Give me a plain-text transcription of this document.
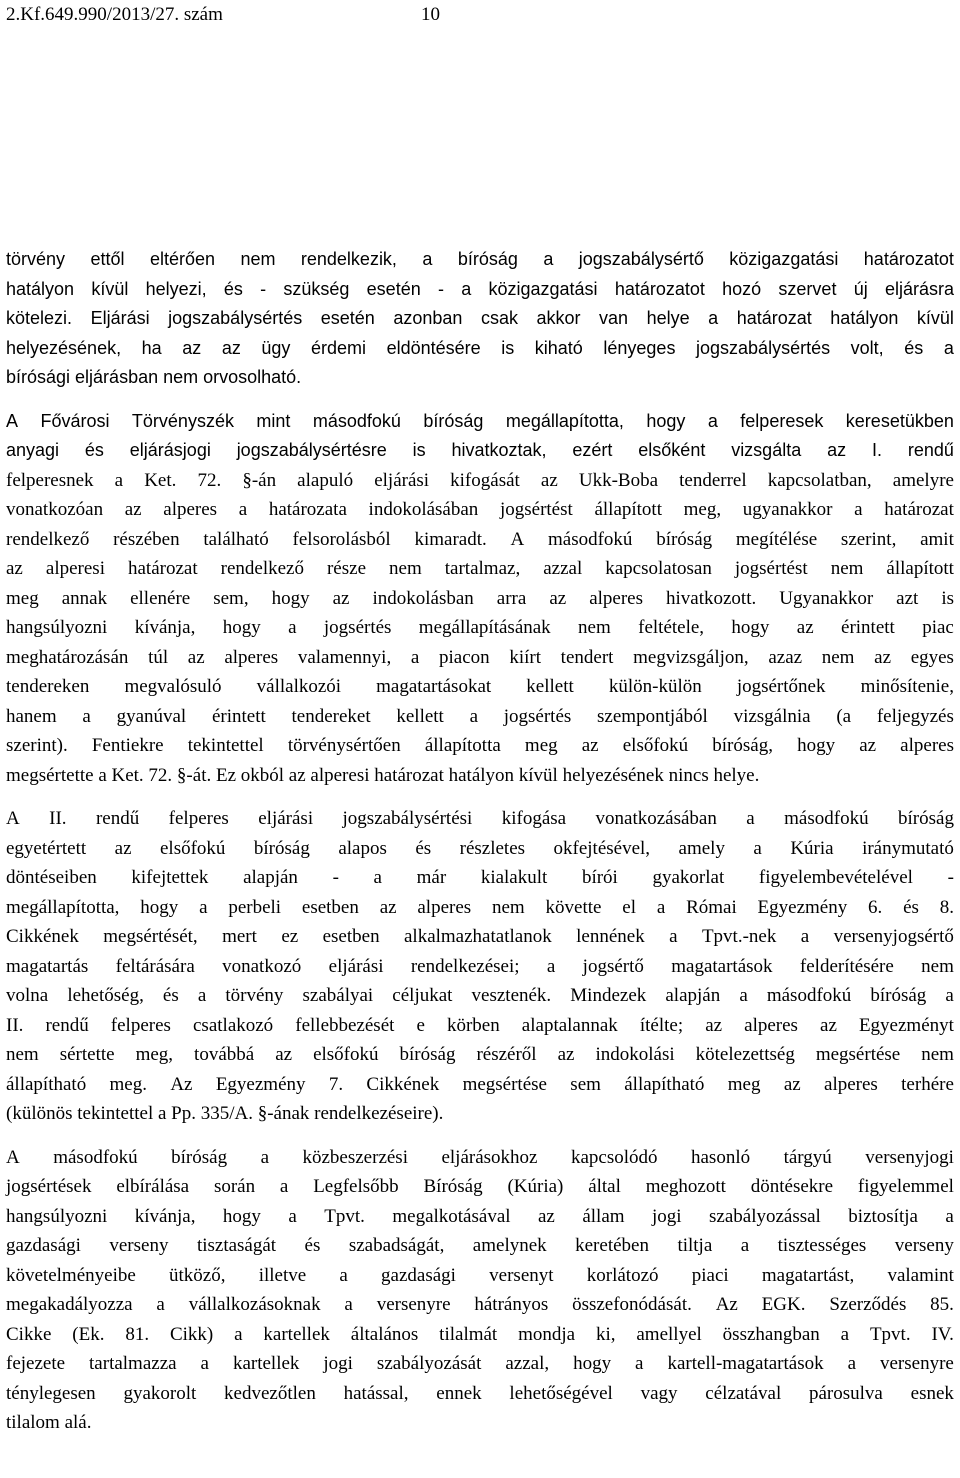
2.Kf.649.990/2013/27. szám	10
törvény ettől eltérően nem rendelkezik, a bíróság a jogszabálysértő közigazgatási határozatot
hatályon kívül helyezi, és - szükség esetén - a közigazgatási határozatot hozó szervet új eljárásra
kötelezi. Eljárási jogszabálysértés esetén azonban csak akkor van helye a határozat hatályon kívül
helyezésének, ha az az ügy érdemi eldöntésére is kiható lényeges jogszabálysértés volt, és a
bírósági eljárásban nem orvosolható.
A Fővárosi Törvényszék mint másodfokú bíróság megállapította, hogy a felperesek keresetükben
anyagi és eljárásjogi jogszabálysértésre is hivatkoztak, ezért elsőként vizsgálta az I. rendű
felperesnek a Ket. 72. §-án alapuló eljárási kifogását az Ukk-Boba tenderrel kapcsolatban, amelyre
vonatkozóan az alperes a határozata indokolásában jogsértést állapított meg, ugyanakkor a határozat
rendelkező részében található felsorolásból kimaradt. A másodfokú bíróság megítélése szerint, amit
az alperesi határozat rendelkező része nem tartalmaz, azzal kapcsolatosan jogsértést nem állapított
meg annak ellenére sem, hogy az indokolásban arra az alperes hivatkozott. Ugyanakkor azt is
hangsúlyozni kívánja, hogy a jogsértés megállapításának nem feltétele, hogy az érintett piac
meghatározásán túl az alperes valamennyi, a piacon kiírt tendert megvizsgáljon, azaz nem az egyes
tendereken megvalósuló vállalkozói magatartásokat kellett külön-külön jogsértőnek minősítenie,
hanem a gyanúval érintett tendereket kellett a jogsértés szempontjából vizsgálnia (a feljegyzés
szerint). Fentiekre tekintettel törvénysértően állapította meg az elsőfokú bíróság, hogy az alperes
megsértette a Ket. 72. §-át. Ez okból az alperesi határozat hatályon kívül helyezésének nincs helye.
A II. rendű felperes eljárási jogszabálysértési kifogása vonatkozásában a másodfokú bíróság
egyetértett az elsőfokú bíróság alapos és részletes okfejtésével, amely a Kúria iránymutató
döntéseiben kifejtettek alapján - a már kialakult bírói gyakorlat figyelembevételével -
megállapította, hogy a perbeli esetben az alperes nem követte el a Római Egyezmény 6. és 8.
Cikkének megsértését, mert ez esetben alkalmazhatatlanok lennének a Tpvt.-nek a versenyjogsértő
magatartás feltárására vonatkozó eljárási rendelkezései; a jogsértő magatartások felderítésére nem
volna lehetőség, és a törvény szabályai céljukat vesztenék. Mindezek alapján a másodfokú bíróság a
II. rendű felperes csatlakozó fellebbezését e körben alaptalannak ítélte; az alperes az Egyezményt
nem sértette meg, továbbá az elsőfokú bíróság részéről az indokolási kötelezettség megsértése nem
állapítható meg. Az Egyezmény 7. Cikkének megsértése sem állapítható meg az alperes terhére
(különös tekintettel a Pp. 335/A. §-ának rendelkezéseire).
A másodfokú bíróság a közbeszerzési eljárásokhoz kapcsolódó hasonló tárgyú versenyjogi
jogsértések elbírálása során a Legfelsőbb Bíróság (Kúria) által meghozott döntésekre figyelemmel
hangsúlyozni kívánja, hogy a Tpvt. megalkotásával az állam jogi szabályozással biztosítja a
gazdasági verseny tisztaságát és szabadságát, amelynek keretében tiltja a tisztességes verseny
követelményeibe ütköző, illetve a gazdasági versenyt korlátozó piaci magatartást, valamint
megakadályozza a vállalkozásoknak a versenyre hátrányos összefonódását. Az EGK. Szerződés 85.
Cikke (Ek. 81. Cikk) a kartellek általános tilalmát mondja ki, amellyel összhangban a Tpvt. IV.
fejezete tartalmazza a kartellek jogi szabályozását azzal, hogy a kartell-magatartások a versenyre
ténylegesen gyakorolt kedvezőtlen hatással, ennek lehetőségével vagy célzatával párosulva esnek
tilalom alá.
